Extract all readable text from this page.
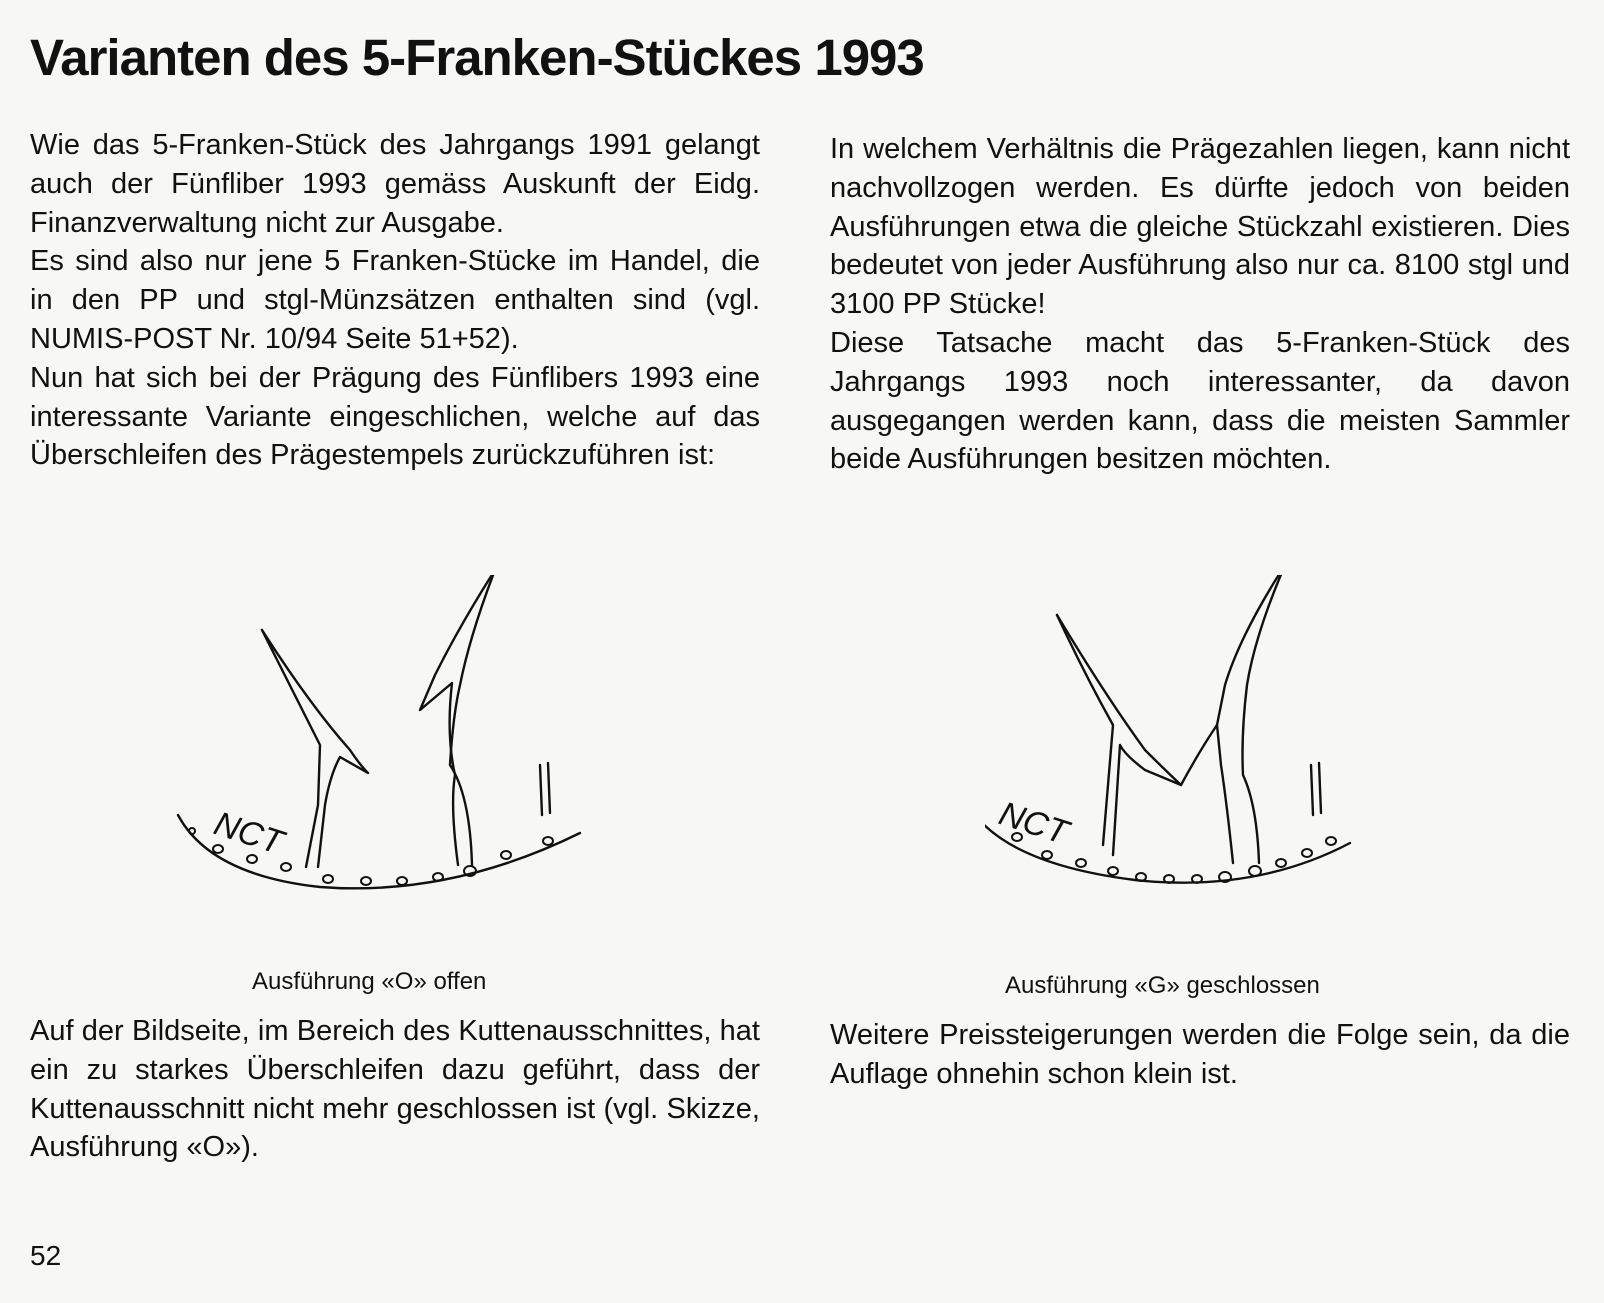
Varianten des 5-Franken-Stückes 1993

Wie das 5-Franken-Stück des Jahrgangs 1991 gelangt auch der Fünfliber 1993 gemäss Auskunft der Eidg. Finanzverwaltung nicht zur Ausgabe.

Es sind also nur jene 5 Franken-Stücke im Handel, die in den PP und stgl-Münzsätzen enthalten sind (vgl. NUMIS-POST Nr. 10/94 Seite 51+52).

Nun hat sich bei der Prägung des Fünflibers 1993 eine interessante Variante eingeschlichen, welche auf das Überschleifen des Prägestempels zurückzuführen ist:

In welchem Verhältnis die Prägezahlen liegen, kann nicht nachvollzogen werden. Es dürfte jedoch von beiden Ausführungen etwa die gleiche Stückzahl existieren. Dies bedeutet von jeder Ausführung also nur ca. 8100 stgl und 3100 PP Stücke!

Diese Tatsache macht das 5-Franken-Stück des Jahrgangs 1993 noch interessanter, da davon ausgegangen werden kann, dass die meisten Sammler beide Ausführungen besitzen möchten.

NCT	NCT
Ausführung «O» offen	Ausführung «G» geschlossen

Auf der Bildseite, im Bereich des Kuttenausschnittes, hat ein zu starkes Überschleifen dazu geführt, dass der Kuttenausschnitt nicht mehr geschlossen ist (vgl. Skizze, Ausführung «O»).

Weitere Preissteigerungen werden die Folge sein, da die Auflage ohnehin schon klein ist.

52
